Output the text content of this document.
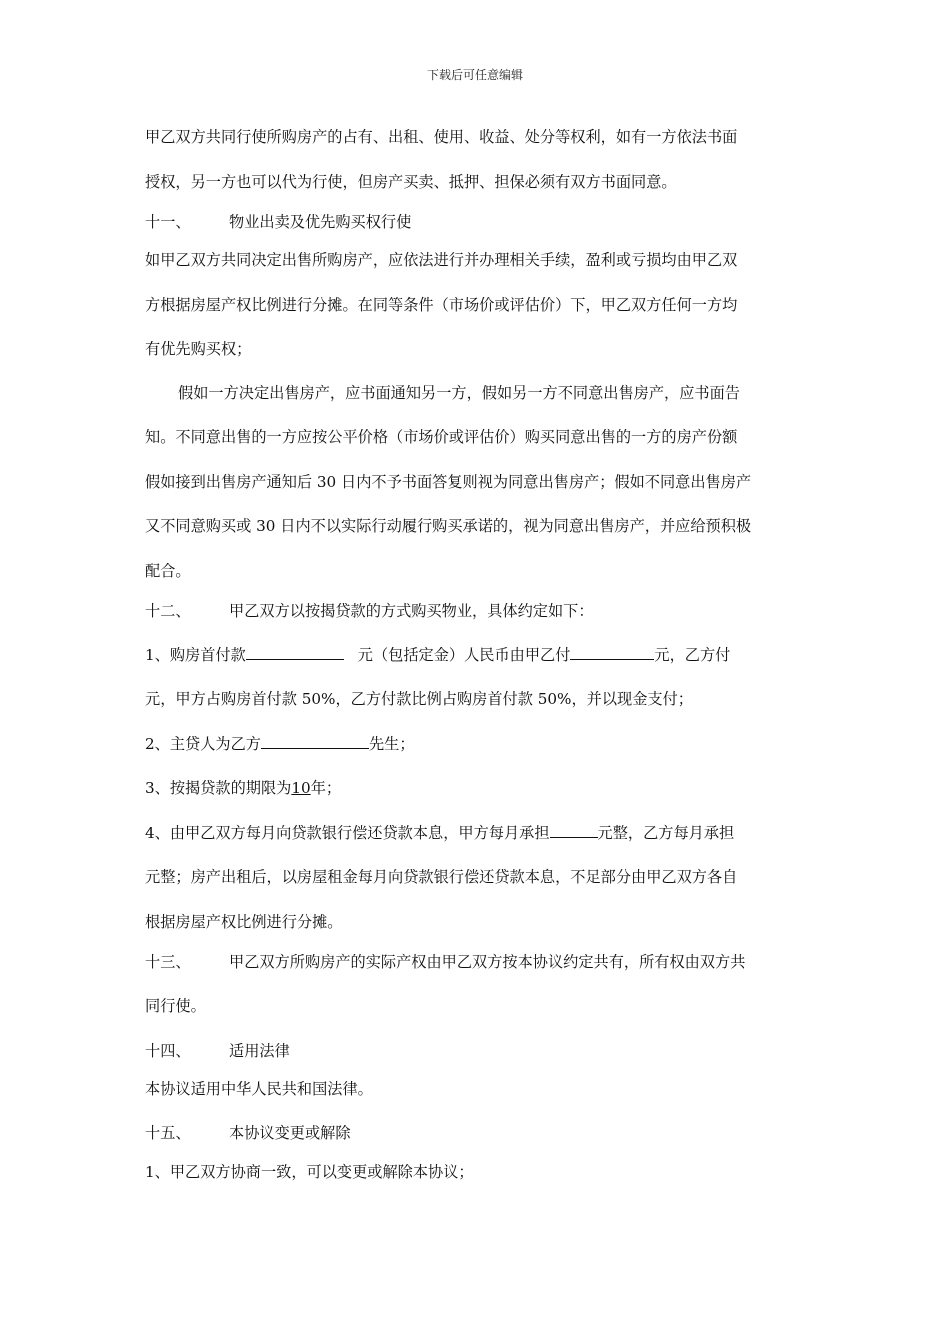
下载后可任意编辑
甲乙双方共同行使所购房产的占有、出租、使用、收益、处分等权利，如有一方依法书面
授权，另一方也可以代为行使，但房产买卖、抵押、担保必须有双方书面同意。
十一、	物业出卖及优先购买权行使
如甲乙双方共同决定出售所购房产，应依法进行并办理相关手续，盈利或亏损均由甲乙双
方根据房屋产权比例进行分摊。在同等条件（市场价或评估价）下，甲乙双方任何一方均
有优先购买权；
假如一方决定出售房产，应书面通知另一方，假如另一方不同意出售房产，应书面告
知。不同意出售的一方应按公平价格（市场价或评估价）购买同意出售的一方的房产份额
假如接到出售房产通知后 30 日内不予书面答复则视为同意出售房产；假如不同意出售房产
又不同意购买或 30 日内不以实际行动履行购买承诺的，视为同意出售房产，并应给预积极
配合。
十二、	甲乙双方以按揭贷款的方式购买物业，具体约定如下：
1、购房首付款	元（包括定金）人民币由甲乙付	元，乙方付
元，甲方占购房首付款 50%，乙方付款比例占购房首付款 50%，并以现金支付；
2、主贷人为乙方	先生；
3、按揭贷款的期限为10年；
4、由甲乙双方每月向贷款银行偿还贷款本息，甲方每月承担	元整，乙方每月承担
元整；房产出租后，以房屋租金每月向贷款银行偿还贷款本息，不足部分由甲乙双方各自
根据房屋产权比例进行分摊。
十三、	甲乙双方所购房产的实际产权由甲乙双方按本协议约定共有，所有权由双方共
同行使。
十四、	适用法律
本协议适用中华人民共和国法律。
十五、	本协议变更或解除
1、甲乙双方协商一致，可以变更或解除本协议；
